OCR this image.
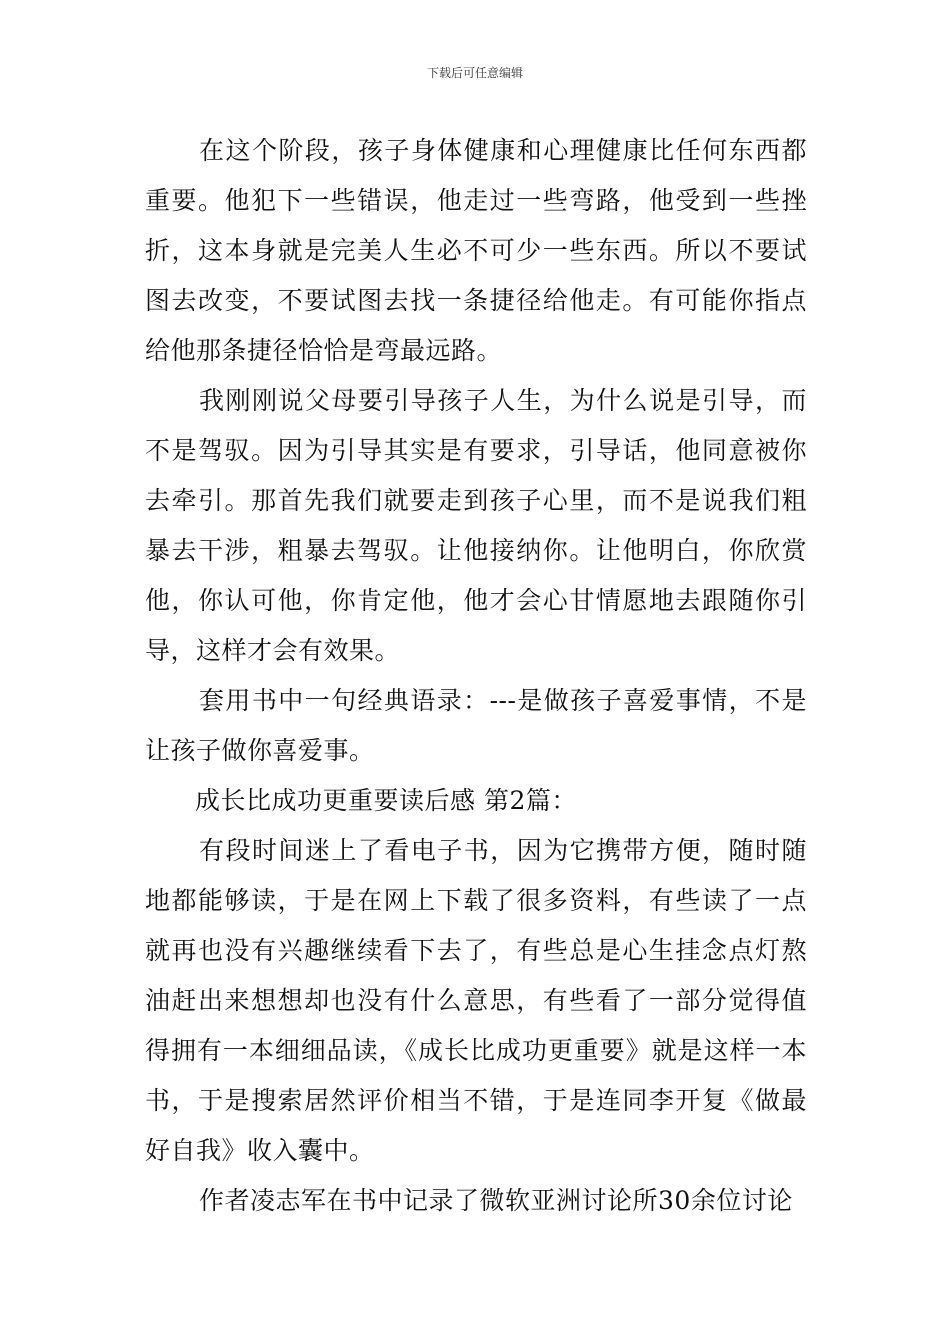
下载后可任意编辑

在这个阶段，孩子身体健康和心理健康比任何东西都重要。他犯下一些错误，他走过一些弯路，他受到一些挫折，这本身就是完美人生必不可少一些东西。所以不要试图去改变，不要试图去找一条捷径给他走。有可能你指点给他那条捷径恰恰是弯最远路。

我刚刚说父母要引导孩子人生，为什么说是引导，而不是驾驭。因为引导其实是有要求，引导话，他同意被你去牵引。那首先我们就要走到孩子心里，而不是说我们粗暴去干涉，粗暴去驾驭。让他接纳你。让他明白，你欣赏他，你认可他，你肯定他，他才会心甘情愿地去跟随你引导，这样才会有效果。

套用书中一句经典语录：---是做孩子喜爱事情，不是让孩子做你喜爱事。

成长比成功更重要读后感 第2篇：

有段时间迷上了看电子书，因为它携带方便，随时随地都能够读，于是在网上下载了很多资料，有些读了一点就再也没有兴趣继续看下去了，有些总是心生挂念点灯熬油赶出来想想却也没有什么意思，有些看了一部分觉得值得拥有一本细细品读，《成长比成功更重要》就是这样一本书，于是搜索居然评价相当不错，于是连同李开复《做最好自我》收入囊中。

作者凌志军在书中记录了微软亚洲讨论所30余位讨论
